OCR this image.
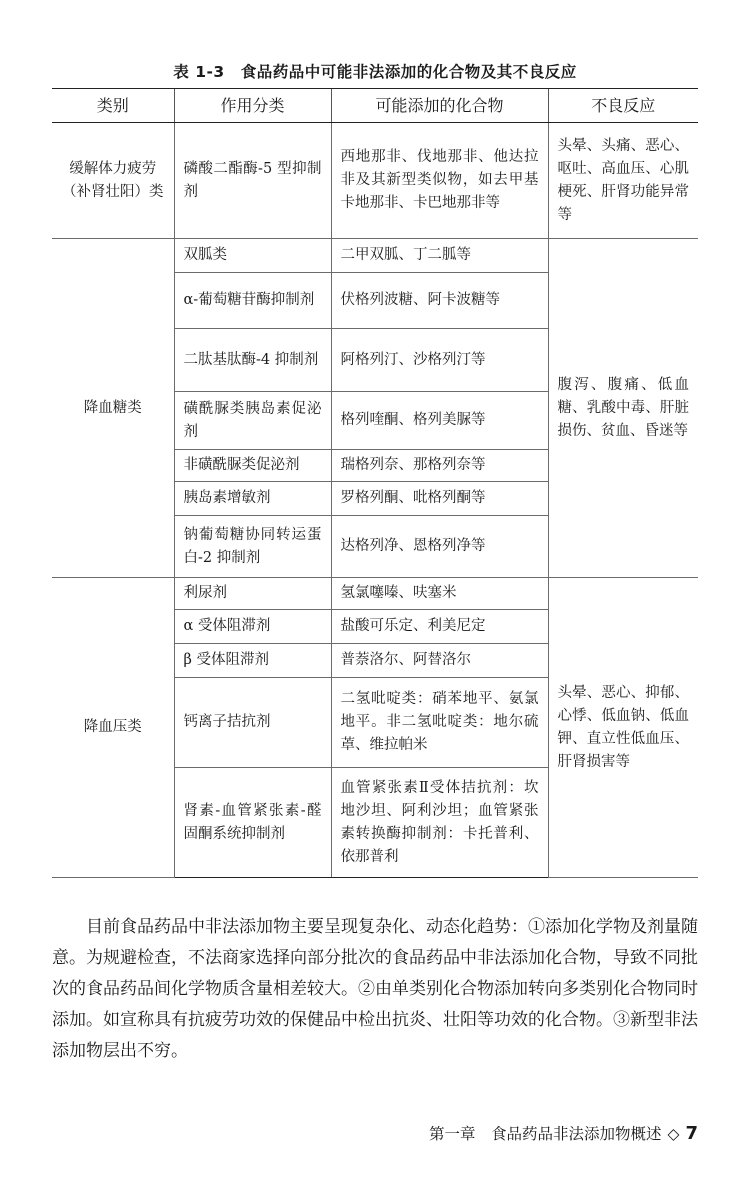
表 1-3　食品药品中可能非法添加的化合物及其不良反应
类别	作用分类	可能添加的化合物	不良反应
缓解体力疲劳（补肾壮阳）类	磷酸二酯酶-5 型抑制剂	西地那非、伐地那非、他达拉非及其新型类似物，如去甲基卡地那非、卡巴地那非等	头晕、头痛、恶心、呕吐、高血压、心肌梗死、肝肾功能异常等
降血糖类	双胍类	二甲双胍、丁二胍等	腹泻、腹痛、低血糖、乳酸中毒、肝脏损伤、贫血、昏迷等
	α-葡萄糖苷酶抑制剂	伏格列波糖、阿卡波糖等	
	二肽基肽酶-4 抑制剂	阿格列汀、沙格列汀等	
	磺酰脲类胰岛素促泌剂	格列喹酮、格列美脲等	
	非磺酰脲类促泌剂	瑞格列奈、那格列奈等	
	胰岛素增敏剂	罗格列酮、吡格列酮等	
	钠葡萄糖协同转运蛋白-2 抑制剂	达格列净、恩格列净等	
降血压类	利尿剂	氢氯噻嗪、呋塞米	头晕、恶心、抑郁、心悸、低血钠、低血钾、直立性低血压、肝肾损害等
	α 受体阻滞剂	盐酸可乐定、利美尼定	
	β 受体阻滞剂	普萘洛尔、阿替洛尔	
	钙离子拮抗剂	二氢吡啶类：硝苯地平、氨氯地平。非二氢吡啶类：地尔硫䓬、维拉帕米	
	肾素-血管紧张素-醛固酮系统抑制剂	血管紧张素Ⅱ受体拮抗剂：坎地沙坦、阿利沙坦；血管紧张素转换酶抑制剂：卡托普利、依那普利	

目前食品药品中非法添加物主要呈现复杂化、动态化趋势：①添加化学物及剂量随意。为规避检查，不法商家选择向部分批次的食品药品中非法添加化合物，导致不同批次的食品药品间化学物质含量相差较大。②由单类别化合物添加转向多类别化合物同时添加。如宣称具有抗疲劳功效的保健品中检出抗炎、壮阳等功效的化合物。③新型非法添加物层出不穷。

第一章　食品药品非法添加物概述 ◇ 7
